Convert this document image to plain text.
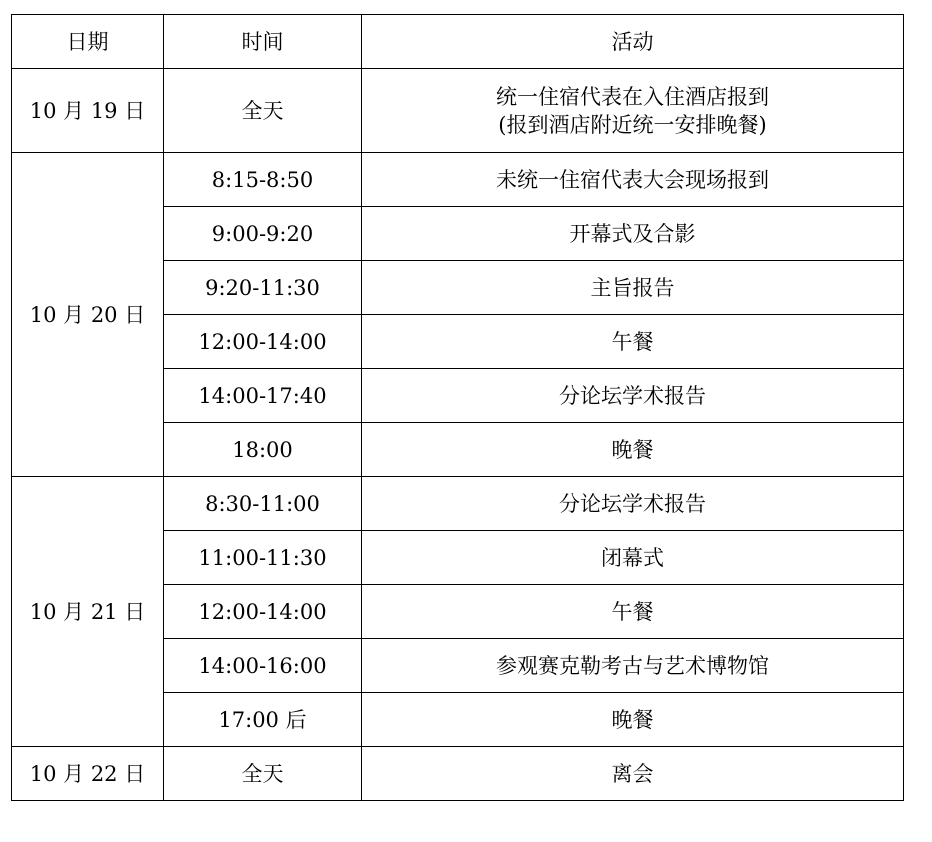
日期	时间	活动
10 月 19 日	全天	统一住宿代表在入住酒店报到
(报到酒店附近统一安排晚餐)

10 月 20 日	8:15-8:50	未统一住宿代表大会现场报到
	9:00-9:20	开幕式及合影
	9:20-11:30	主旨报告
	12:00-14:00	午餐
	14:00-17:40	分论坛学术报告
	18:00	晚餐
10 月 21 日	8:30-11:00	分论坛学术报告
	11:00-11:30	闭幕式
	12:00-14:00	午餐
	14:00-16:00	参观赛克勒考古与艺术博物馆
	17:00 后	晚餐
10 月 22 日	全天	离会
